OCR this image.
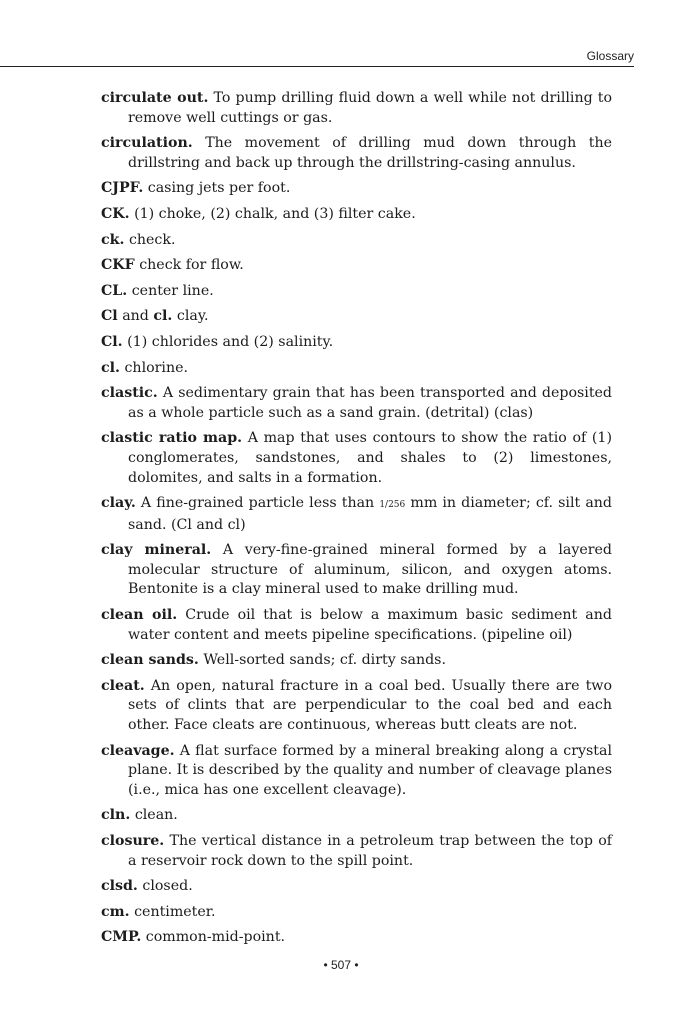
Glossary

circulate out. To pump drilling fluid down a well while not drilling to remove well cuttings or gas.

circulation. The movement of drilling mud down through the drillstring and back up through the drillstring-casing annulus.

CJPF. casing jets per foot.

CK. (1) choke, (2) chalk, and (3) filter cake.

ck. check.

CKF check for flow.

CL. center line.

Cl and cl. clay.

Cl. (1) chlorides and (2) salinity.

cl. chlorine.

clastic. A sedimentary grain that has been transported and deposited as a whole particle such as a sand grain. (detrital) (clas)

clastic ratio map. A map that uses contours to show the ratio of (1) conglomerates, sandstones, and shales to (2) limestones, dolomites, and salts in a formation.

clay. A fine-grained particle less than 1/256 mm in diameter; cf. silt and sand. (Cl and cl)

clay mineral. A very-fine-grained mineral formed by a layered molecular structure of aluminum, silicon, and oxygen atoms. Bentonite is a clay mineral used to make drilling mud.

clean oil. Crude oil that is below a maximum basic sediment and water content and meets pipeline specifications. (pipeline oil)

clean sands. Well-sorted sands; cf. dirty sands.

cleat. An open, natural fracture in a coal bed. Usually there are two sets of clints that are perpendicular to the coal bed and each other. Face cleats are continuous, whereas butt cleats are not.

cleavage. A flat surface formed by a mineral breaking along a crystal plane. It is described by the quality and number of cleavage planes (i.e., mica has one excellent cleavage).

cln. clean.

closure. The vertical distance in a petroleum trap between the top of a reservoir rock down to the spill point.

clsd. closed.

cm. centimeter.

CMP. common-mid-point.

• 507 •
